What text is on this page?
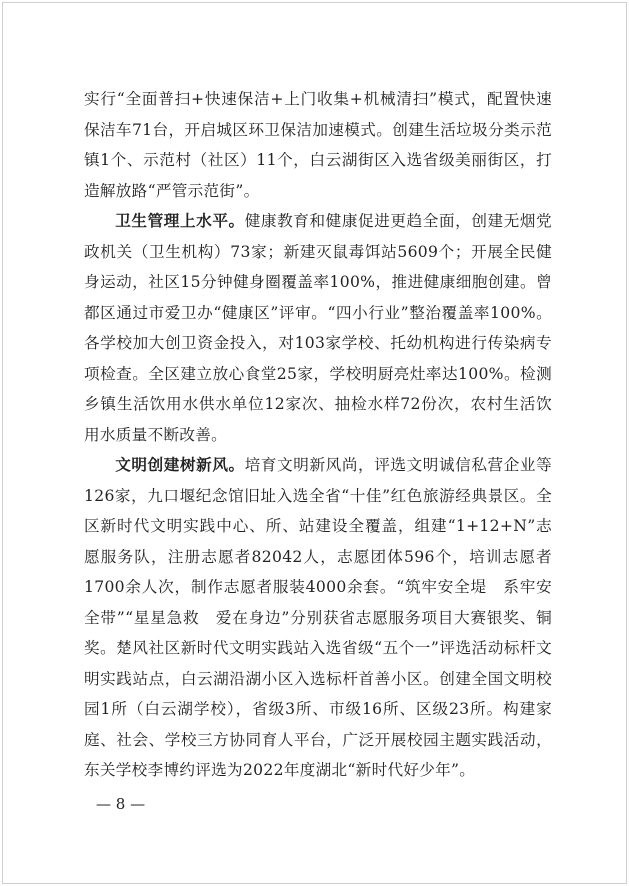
实行“全面普扫+快速保洁+上门收集+机械清扫”模式，配置快速保洁车71台，开启城区环卫保洁加速模式。创建生活垃圾分类示范镇1个、示范村（社区）11个，白云湖街区入选省级美丽街区，打造解放路“严管示范街”。

卫生管理上水平。健康教育和健康促进更趋全面，创建无烟党政机关（卫生机构）73家；新建灭鼠毒饵站5609个；开展全民健身运动，社区15分钟健身圈覆盖率100%，推进健康细胞创建。曾都区通过市爱卫办“健康区”评审。“四小行业”整治覆盖率100%。各学校加大创卫资金投入，对103家学校、托幼机构进行传染病专项检查。全区建立放心食堂25家，学校明厨亮灶率达100%。检测乡镇生活饮用水供水单位12家次、抽检水样72份次，农村生活饮用水质量不断改善。

文明创建树新风。培育文明新风尚，评选文明诚信私营企业等126家，九口堰纪念馆旧址入选全省“十佳”红色旅游经典景区。全区新时代文明实践中心、所、站建设全覆盖，组建“1+12+N”志愿服务队，注册志愿者82042人，志愿团体596个，培训志愿者1700余人次，制作志愿者服装4000余套。“筑牢安全堤　系牢安全带”“星星急救　爱在身边”分别获省志愿服务项目大赛银奖、铜奖。楚风社区新时代文明实践站入选省级“五个一”评选活动标杆文明实践站点，白云湖沿湖小区入选标杆首善小区。创建全国文明校园1所（白云湖学校），省级3所、市级16所、区级23所。构建家庭、社会、学校三方协同育人平台，广泛开展校园主题实践活动，东关学校李博约评选为2022年度湖北“新时代好少年”。

— 8 —
